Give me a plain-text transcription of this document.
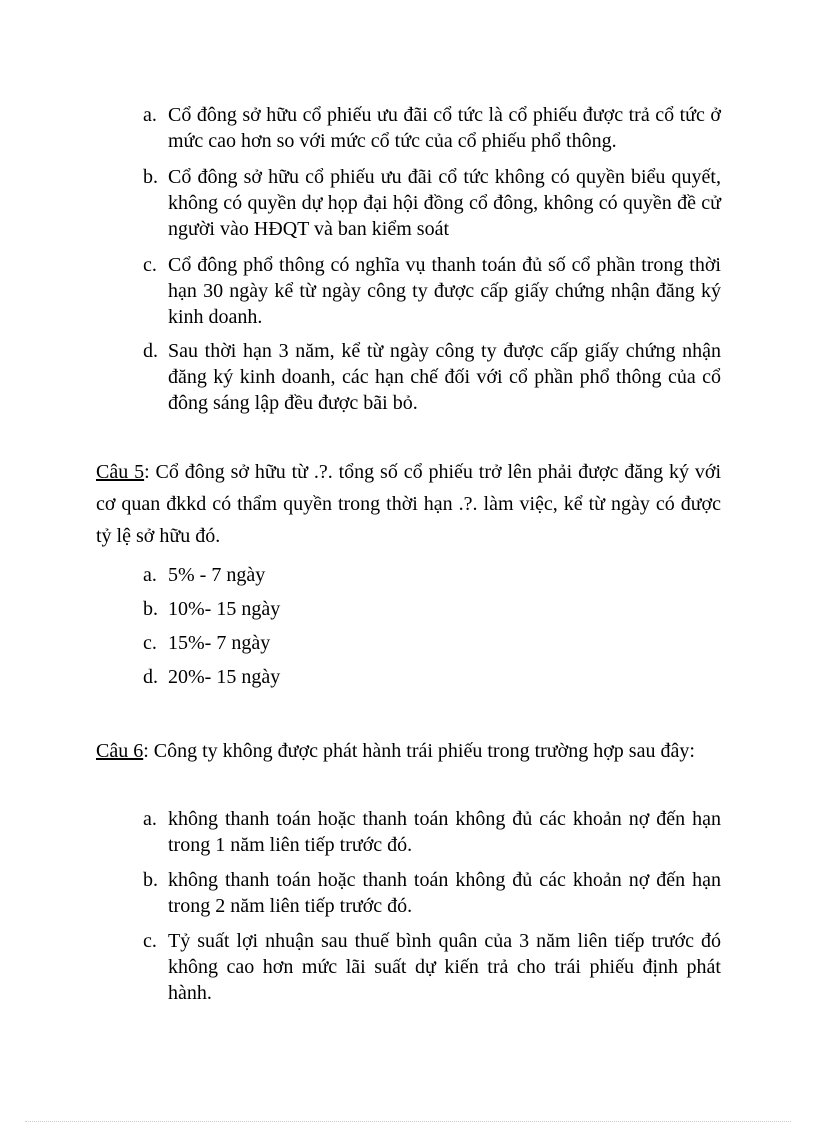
a. Cổ đông sở hữu cổ phiếu ưu đãi cổ tức là cổ phiếu được trả cổ tức ở mức cao hơn so với mức cổ tức của cổ phiếu phổ thông.
b. Cổ đông sở hữu cổ phiếu ưu đãi cổ tức không có quyền biểu quyết, không có quyền dự họp đại hội đồng cổ đông, không có quyền đề cử người vào HĐQT và ban kiểm soát
c. Cổ đông phổ thông có nghĩa vụ thanh toán đủ số cổ phần trong thời hạn 30 ngày kể từ ngày công ty được cấp giấy chứng nhận đăng ký kinh doanh.
d. Sau thời hạn 3 năm, kể từ ngày công ty được cấp giấy chứng nhận đăng ký kinh doanh, các hạn chế đối với cổ phần phổ thông của cổ đông sáng lập đều được bãi bỏ.
Câu 5: Cổ đông sở hữu từ .?. tổng số cổ phiếu trở lên phải được đăng ký với cơ quan đkkd có thẩm quyền trong thời hạn .?. làm việc, kể từ ngày có được tỷ lệ sở hữu đó.
a. 5% - 7 ngày
b. 10%- 15 ngày
c. 15%- 7 ngày
d. 20%- 15 ngày
Câu 6: Công ty không được phát hành trái phiếu trong trường hợp sau đây:
a. không thanh toán hoặc thanh toán không đủ các khoản nợ đến hạn trong 1 năm liên tiếp trước đó.
b. không thanh toán hoặc thanh toán không đủ các khoản nợ đến hạn trong 2 năm liên tiếp trước đó.
c. Tỷ suất lợi nhuận sau thuế bình quân của 3 năm liên tiếp trước đó không cao hơn mức lãi suất dự kiến trả cho trái phiếu định phát hành.
